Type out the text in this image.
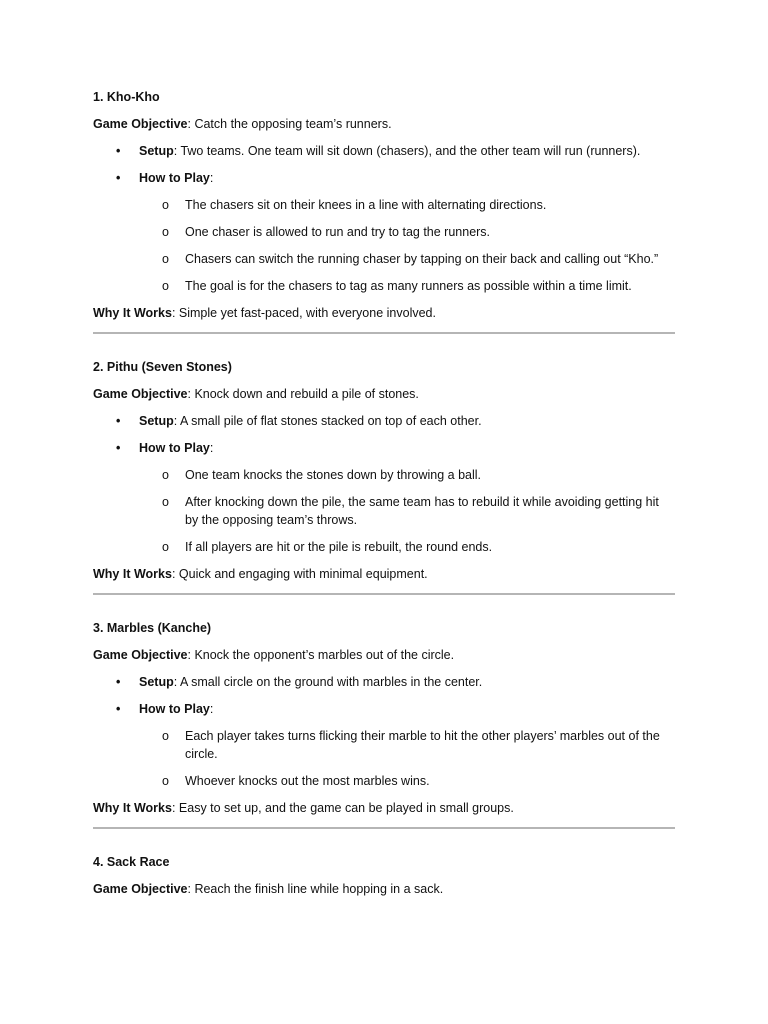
1. Kho-Kho

Game Objective: Catch the opposing team’s runners.

• Setup: Two teams. One team will sit down (chasers), and the other team will run (runners).
• How to Play:
o The chasers sit on their knees in a line with alternating directions.
o One chaser is allowed to run and try to tag the runners.
o Chasers can switch the running chaser by tapping on their back and calling out “Kho.”
o The goal is for the chasers to tag as many runners as possible within a time limit.

Why It Works: Simple yet fast-paced, with everyone involved.

2. Pithu (Seven Stones)

Game Objective: Knock down and rebuild a pile of stones.

• Setup: A small pile of flat stones stacked on top of each other.
• How to Play:
o One team knocks the stones down by throwing a ball.
o After knocking down the pile, the same team has to rebuild it while avoiding getting hit by the opposing team’s throws.
o If all players are hit or the pile is rebuilt, the round ends.

Why It Works: Quick and engaging with minimal equipment.

3. Marbles (Kanche)

Game Objective: Knock the opponent’s marbles out of the circle.

• Setup: A small circle on the ground with marbles in the center.
• How to Play:
o Each player takes turns flicking their marble to hit the other players’ marbles out of the circle.
o Whoever knocks out the most marbles wins.

Why It Works: Easy to set up, and the game can be played in small groups.

4. Sack Race

Game Objective: Reach the finish line while hopping in a sack.
